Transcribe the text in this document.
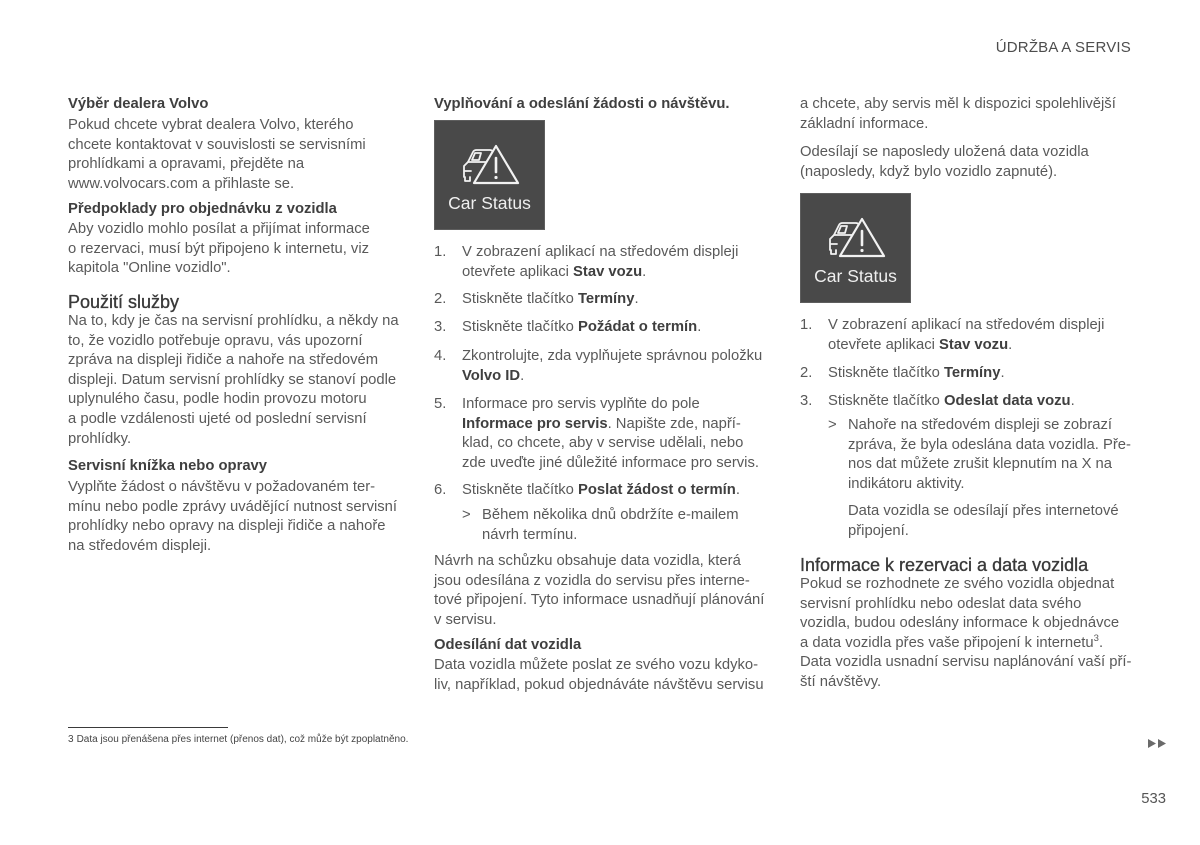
ÚDRŽBA A SERVIS
Výběr dealera Volvo
Pokud chcete vybrat dealera Volvo, kterého
chcete kontaktovat v souvislosti se servisními
prohlídkami a opravami, přejděte na
www.volvocars.com a přihlaste se.
Předpoklady pro objednávku z vozidla
Aby vozidlo mohlo posílat a přijímat informace
o rezervaci, musí být připojeno k internetu, viz
kapitola "Online vozidlo".
Použití služby
Na to, kdy je čas na servisní prohlídku, a někdy na
to, že vozidlo potřebuje opravu, vás upozorní
zpráva na displeji řidiče a nahoře na středovém
displeji. Datum servisní prohlídky se stanoví podle
uplynulého času, podle hodin provozu motoru
a podle vzdálenosti ujeté od poslední servisní
prohlídky.
Servisní knížka nebo opravy
Vyplňte žádost o návštěvu v požadovaném ter-
mínu nebo podle zprávy uvádějící nutnost servisní
prohlídky nebo opravy na displeji řidiče a nahoře
na středovém displeji.
Vyplňování a odeslání žádosti o návštěvu.
Car Status
1.	V zobrazení aplikací na středovém displeji
otevřete aplikaci Stav vozu.
2.	Stiskněte tlačítko Termíny.
3.	Stiskněte tlačítko Požádat o termín.
4.	Zkontrolujte, zda vyplňujete správnou položku
Volvo ID.
5.	Informace pro servis vyplňte do pole
Informace pro servis. Napište zde, napří-
klad, co chcete, aby v servise udělali, nebo
zde uveďte jiné důležité informace pro servis.
6.	Stiskněte tlačítko Poslat žádost o termín.
> Během několika dnů obdržíte e-mailem
návrh termínu.
Návrh na schůzku obsahuje data vozidla, která
jsou odesílána z vozidla do servisu přes interne-
tové připojení. Tyto informace usnadňují plánování
v servisu.
Odesílání dat vozidla
Data vozidla můžete poslat ze svého vozu kdyko-
liv, například, pokud objednáváte návštěvu servisu
a chcete, aby servis měl k dispozici spolehlivější
základní informace.
Odesílají se naposledy uložená data vozidla
(naposledy, když bylo vozidlo zapnuté).
Car Status
1.	V zobrazení aplikací na středovém displeji
otevřete aplikaci Stav vozu.
2.	Stiskněte tlačítko Termíny.
3.	Stiskněte tlačítko Odeslat data vozu.
> Nahoře na středovém displeji se zobrazí
zpráva, že byla odeslána data vozidla. Pře-
nos dat můžete zrušit klepnutím na X na
indikátoru aktivity.
Data vozidla se odesílají přes internetové
připojení.
Informace k rezervaci a data vozidla
Pokud se rozhodnete ze svého vozidla objednat
servisní prohlídku nebo odeslat data svého
vozidla, budou odeslány informace k objednávce
a data vozidla přes vaše připojení k internetu$^3$.
Data vozidla usnadní servisu naplánování vaší pří-
ští návštěvy.
3 Data jsou přenášena přes internet (přenos dat), což může být zpoplatněno.
533
